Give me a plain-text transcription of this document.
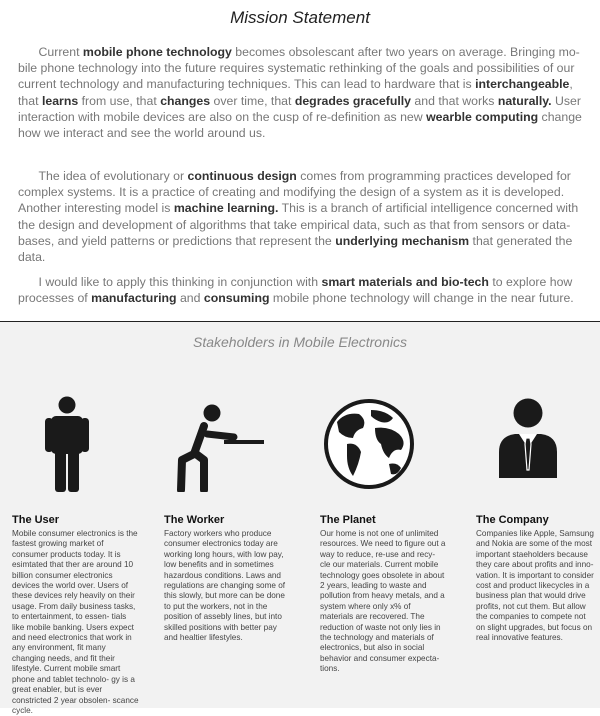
Mission Statement
Current mobile phone technology becomes obsolescant after two years on average. Bringing mo- bile phone technology into the future requires systematic rethinking of the goals and possibilities of our current technology and manufacturing techniques. This can lead to hardware that is interchangeable, that learns from use, that changes over time, that degrades gracefully and that works naturally. User interaction with mobile devices are also on the cusp of re-definition as new wearble computing change how we interact and see the world around us.
The idea of evolutionary or continuous design comes from programming practices developed for complex systems. It is a practice of creating and modifying the design of a system as it is developed. Another interesting model is machine learning. This is a branch of artificial intelligence concerned with the design and development of algorithms that take empirical data, such as that from sensors or data- bases, and yield patterns or predictions that represent the underlying mechanism that generated the data.
I would like to apply this thinking in conjunction with smart materials and bio-tech to explore how processes of manufacturing and consuming mobile phone technology will change in the near future.
Stakeholders in Mobile Electronics
The User
Mobile consumer electronics is the fastest growing market of consumer products today. It is esimtated that ther are around 10 billion consumer electronics devices the world over. Users of these devices rely heavily on their usage. From daily business tasks, to entertainment, to essen- tials like mobile banking. Users expect and need electronics that work in any environment, fit many changing needs, and fit their lifestyle. Current mobile smart phone and tablet technolo- gy is a great enabler, but is ever constricted 2 year obsolen- scance cycle.
The Worker
Factory workers who produce consumer electronics today are working long hours, with low pay, low benefits and in sometimes hazardous conditions. Laws and regulations are changing some of this slowly, but more can be done to put the workers, not in the position of assebly lines, but into skilled positions with better pay and healtier lifestyles.
The Planet
Our home is not one of unlimited resources. We need to figure out a way to reduce, re-use and recy- cle our materials. Current mobile technology goes obsolete in about 2 years, leading to waste and pollution from heavy metals, and a system where only x% of materials are recovered. The reduction of waste not only lies in the technology and materials of electronics, but also in social behavior and consumer expecta- tions.
The Company
Companies like Apple, Samsung and Nokia are some of the most important staeholders because they care about profits and inno- vation. It is important to consider cost and product likecycles in a business plan that would drive profits, not cut them. But allow the companies to compete not on slight upgrades, but focus on real innovative features.
